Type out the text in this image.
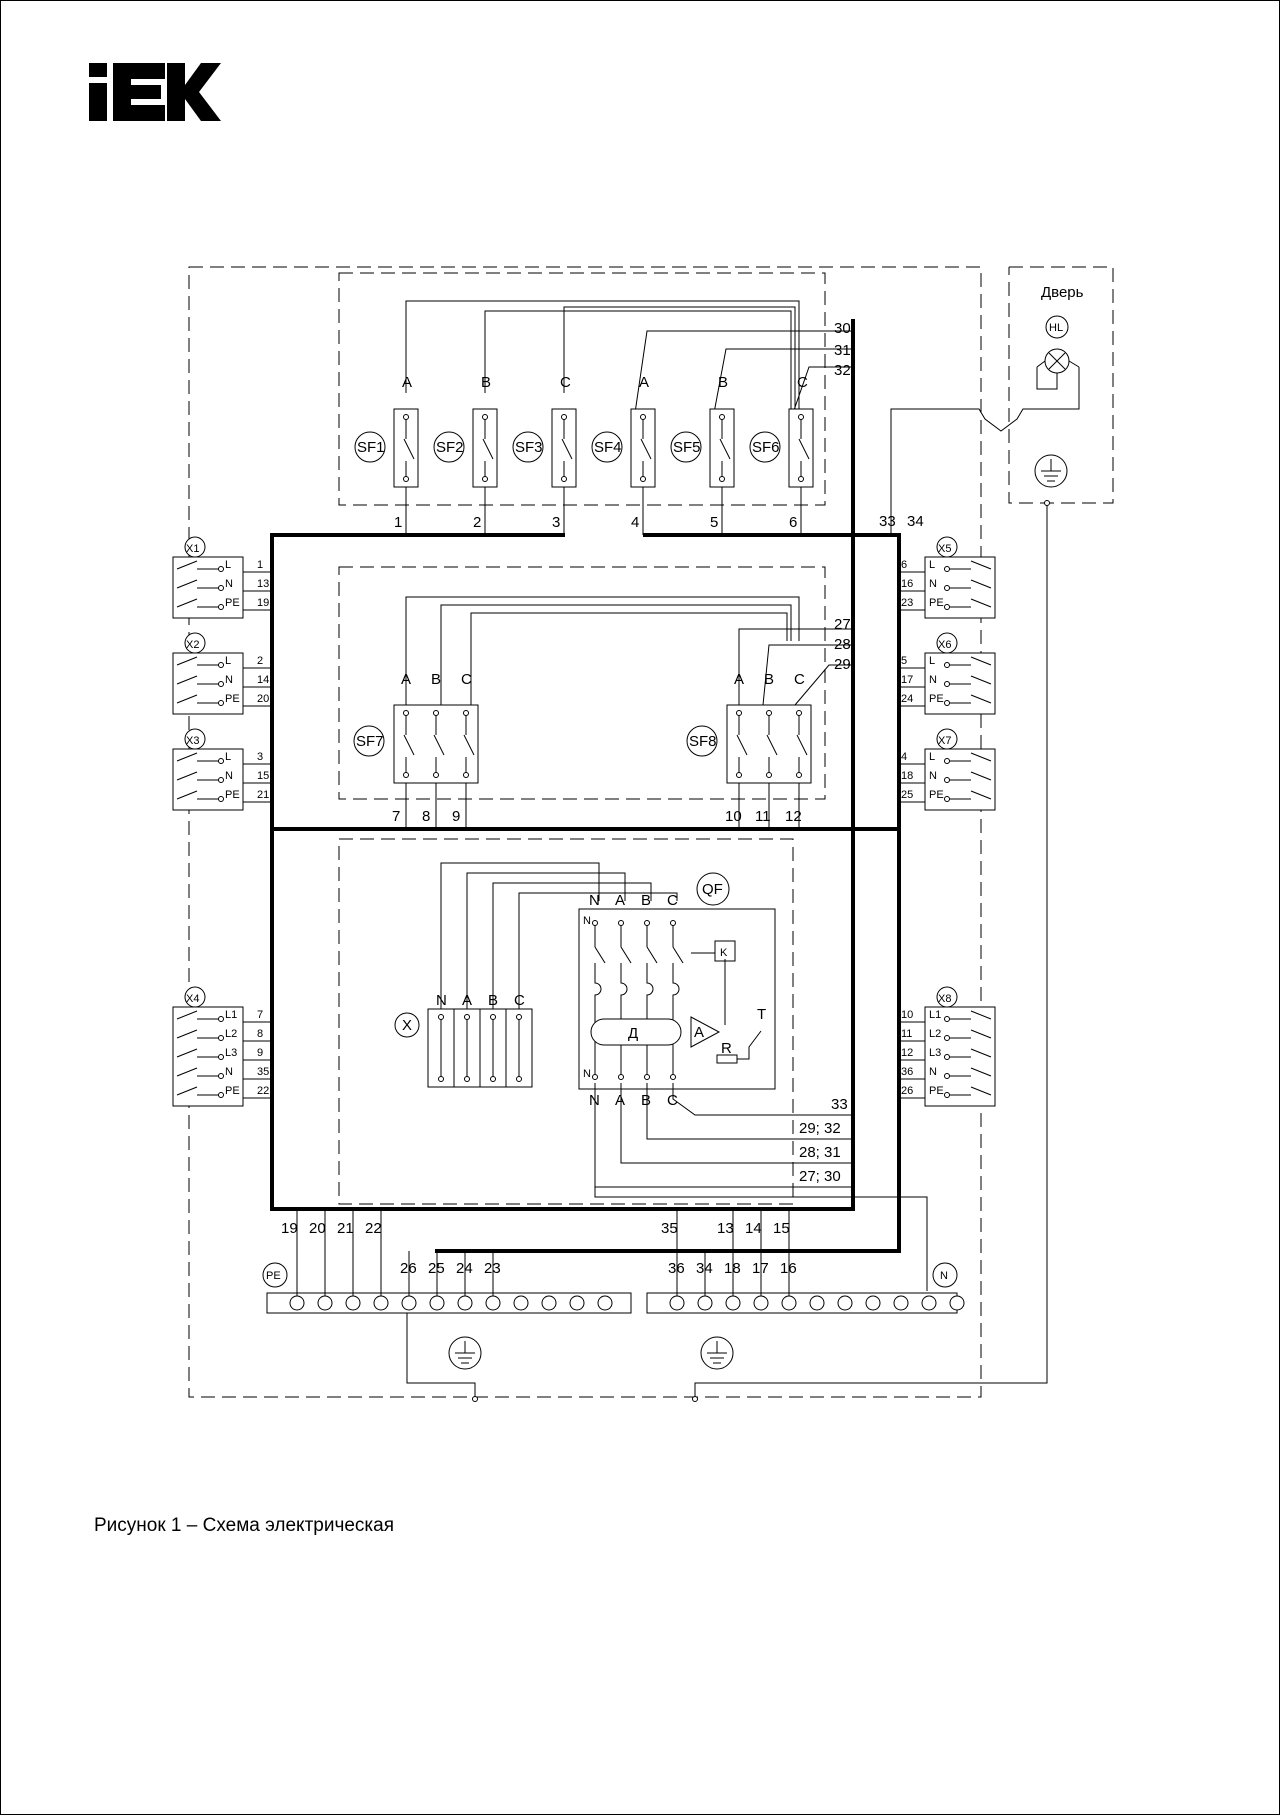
A
SF1
1
B
SF2
2
C
SF3
3
A
SF4
4
B
SF5
5
C
SF6
6
30
31
32
33 34
Дверь
HL
27
28
29
SF7
A
7
B
8
C
9
SF8
A
10
B
11
C
12
X1
L 1
N 13
PE 19
X2
L 2
N 14
PE 20
X3
L 3
N 15
PE 21
X4
L1 7
L2 8
L3 9
N 35
PE 22
X5
L
6
N
16
PE
23
X6
L
5
N
17
PE
24
X7
L
4
N
18
PE
25
X8
L1
10
L2
11
L3
12
N
36
PE
26
X
N A B C
QF
N A B C
N A B C
N
N
K
Д	A
R
T
33
29; 32
28; 31
27; 30
PE
19 20 21 22
26 25 24 23	N
35	13 14 15
36 34 18 17 16

Рисунок 1 – Схема электрическая
